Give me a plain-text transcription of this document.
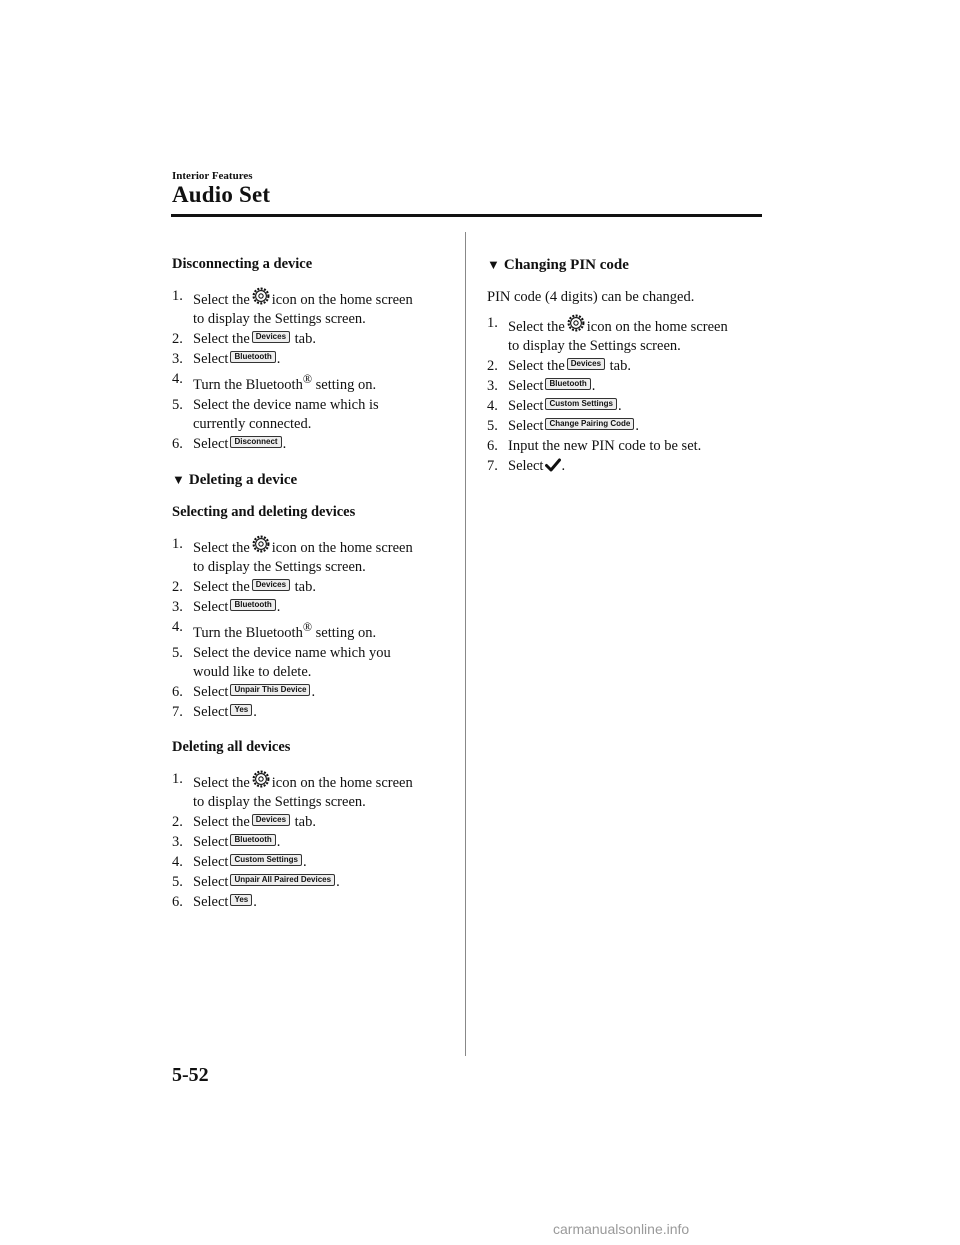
Interior Features
Audio Set
Disconnecting a device
1. Select the icon on the home screen
to display the Settings screen.
2. Select the Devices tab.
3. Select Bluetooth .
4. Turn the Bluetooth® setting on.
5. Select the device name which is
currently connected.
6. Select Disconnect .
▼ Deleting a device
Selecting and deleting devices
1. Select the icon on the home screen
to display the Settings screen.
2. Select the Devices tab.
3. Select Bluetooth .
4. Turn the Bluetooth® setting on.
5. Select the device name which you
would like to delete.
6. Select Unpair This Device .
7. Select Yes .
Deleting all devices
1. Select the icon on the home screen
to display the Settings screen.
2. Select the Devices tab.
3. Select Bluetooth .
4. Select Custom Settings .
5. Select Unpair All Paired Devices .
6. Select Yes .
▼ Changing PIN code
PIN code (4 digits) can be changed.
1. Select the icon on the home screen
to display the Settings screen.
2. Select the Devices tab.
3. Select Bluetooth .
4. Select Custom Settings .
5. Select Change Pairing Code .
6. Input the new PIN code to be set.
7. Select .
5-52
carmanualsonline.info
